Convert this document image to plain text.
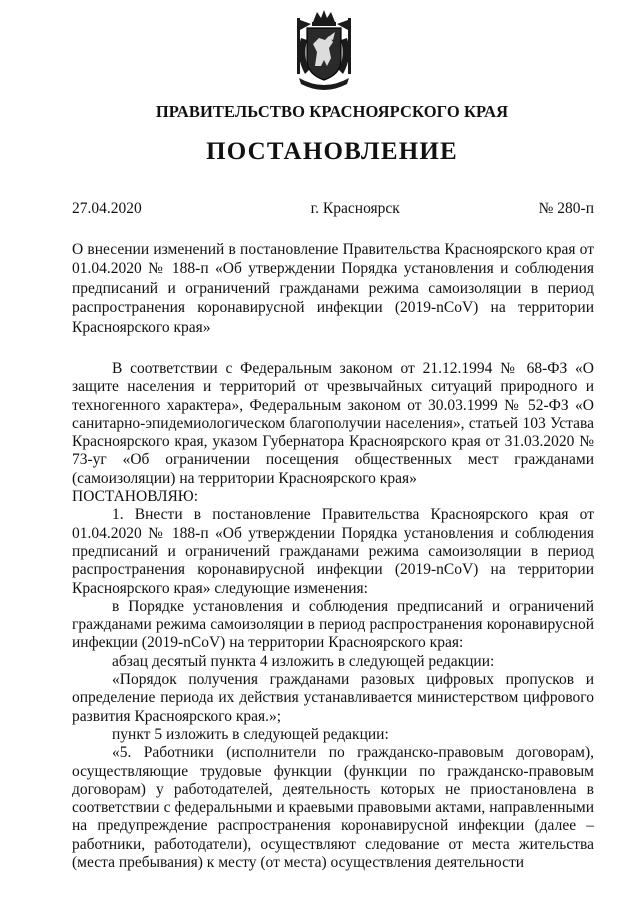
ПРАВИТЕЛЬСТВО КРАСНОЯРСКОГО КРАЯ
ПОСТАНОВЛЕНИЕ
27.04.2020	г. Красноярск	№ 280-п
О внесении изменений в постановление Правительства Красноярского края от 01.04.2020 № 188-п «Об утверждении Порядка установления и соблюдения предписаний и ограничений гражданами режима самоизоляции в период распространения коронавирусной инфекции (2019-nCoV) на территории Красноярского края»

В соответствии с Федеральным законом от 21.12.1994 № 68-ФЗ «О защите населения и территорий от чрезвычайных ситуаций природного и техногенного характера», Федеральным законом от 30.03.1999 № 52-ФЗ «О санитарно-эпидемиологическом благополучии населения», статьей 103 Устава Красноярского края, указом Губернатора Красноярского края от 31.03.2020 № 73-уг «Об ограничении посещения общественных мест гражданами (самоизоляции) на территории Красноярского края»

ПОСТАНОВЛЯЮ:

1. Внести в постановление Правительства Красноярского края от 01.04.2020 № 188-п «Об утверждении Порядка установления и соблюдения предписаний и ограничений гражданами режима самоизоляции в период распространения коронавирусной инфекции (2019-nCoV) на территории Красноярского края» следующие изменения:

в Порядке установления и соблюдения предписаний и ограничений гражданами режима самоизоляции в период распространения коронавирусной инфекции (2019-nCoV) на территории Красноярского края:

абзац десятый пункта 4 изложить в следующей редакции:

«Порядок получения гражданами разовых цифровых пропусков и определение периода их действия устанавливается министерством цифрового развития Красноярского края.»;

пункт 5 изложить в следующей редакции:

«5. Работники (исполнители по гражданско-правовым договорам), осуществляющие трудовые функции (функции по гражданско-правовым договорам) у работодателей, деятельность которых не приостановлена в соответствии с федеральными и краевыми правовыми актами, направленными на предупреждение распространения коронавирусной инфекции (далее – работники, работодатели), осуществляют следование от места жительства (места пребывания) к месту (от места) осуществления деятельности
